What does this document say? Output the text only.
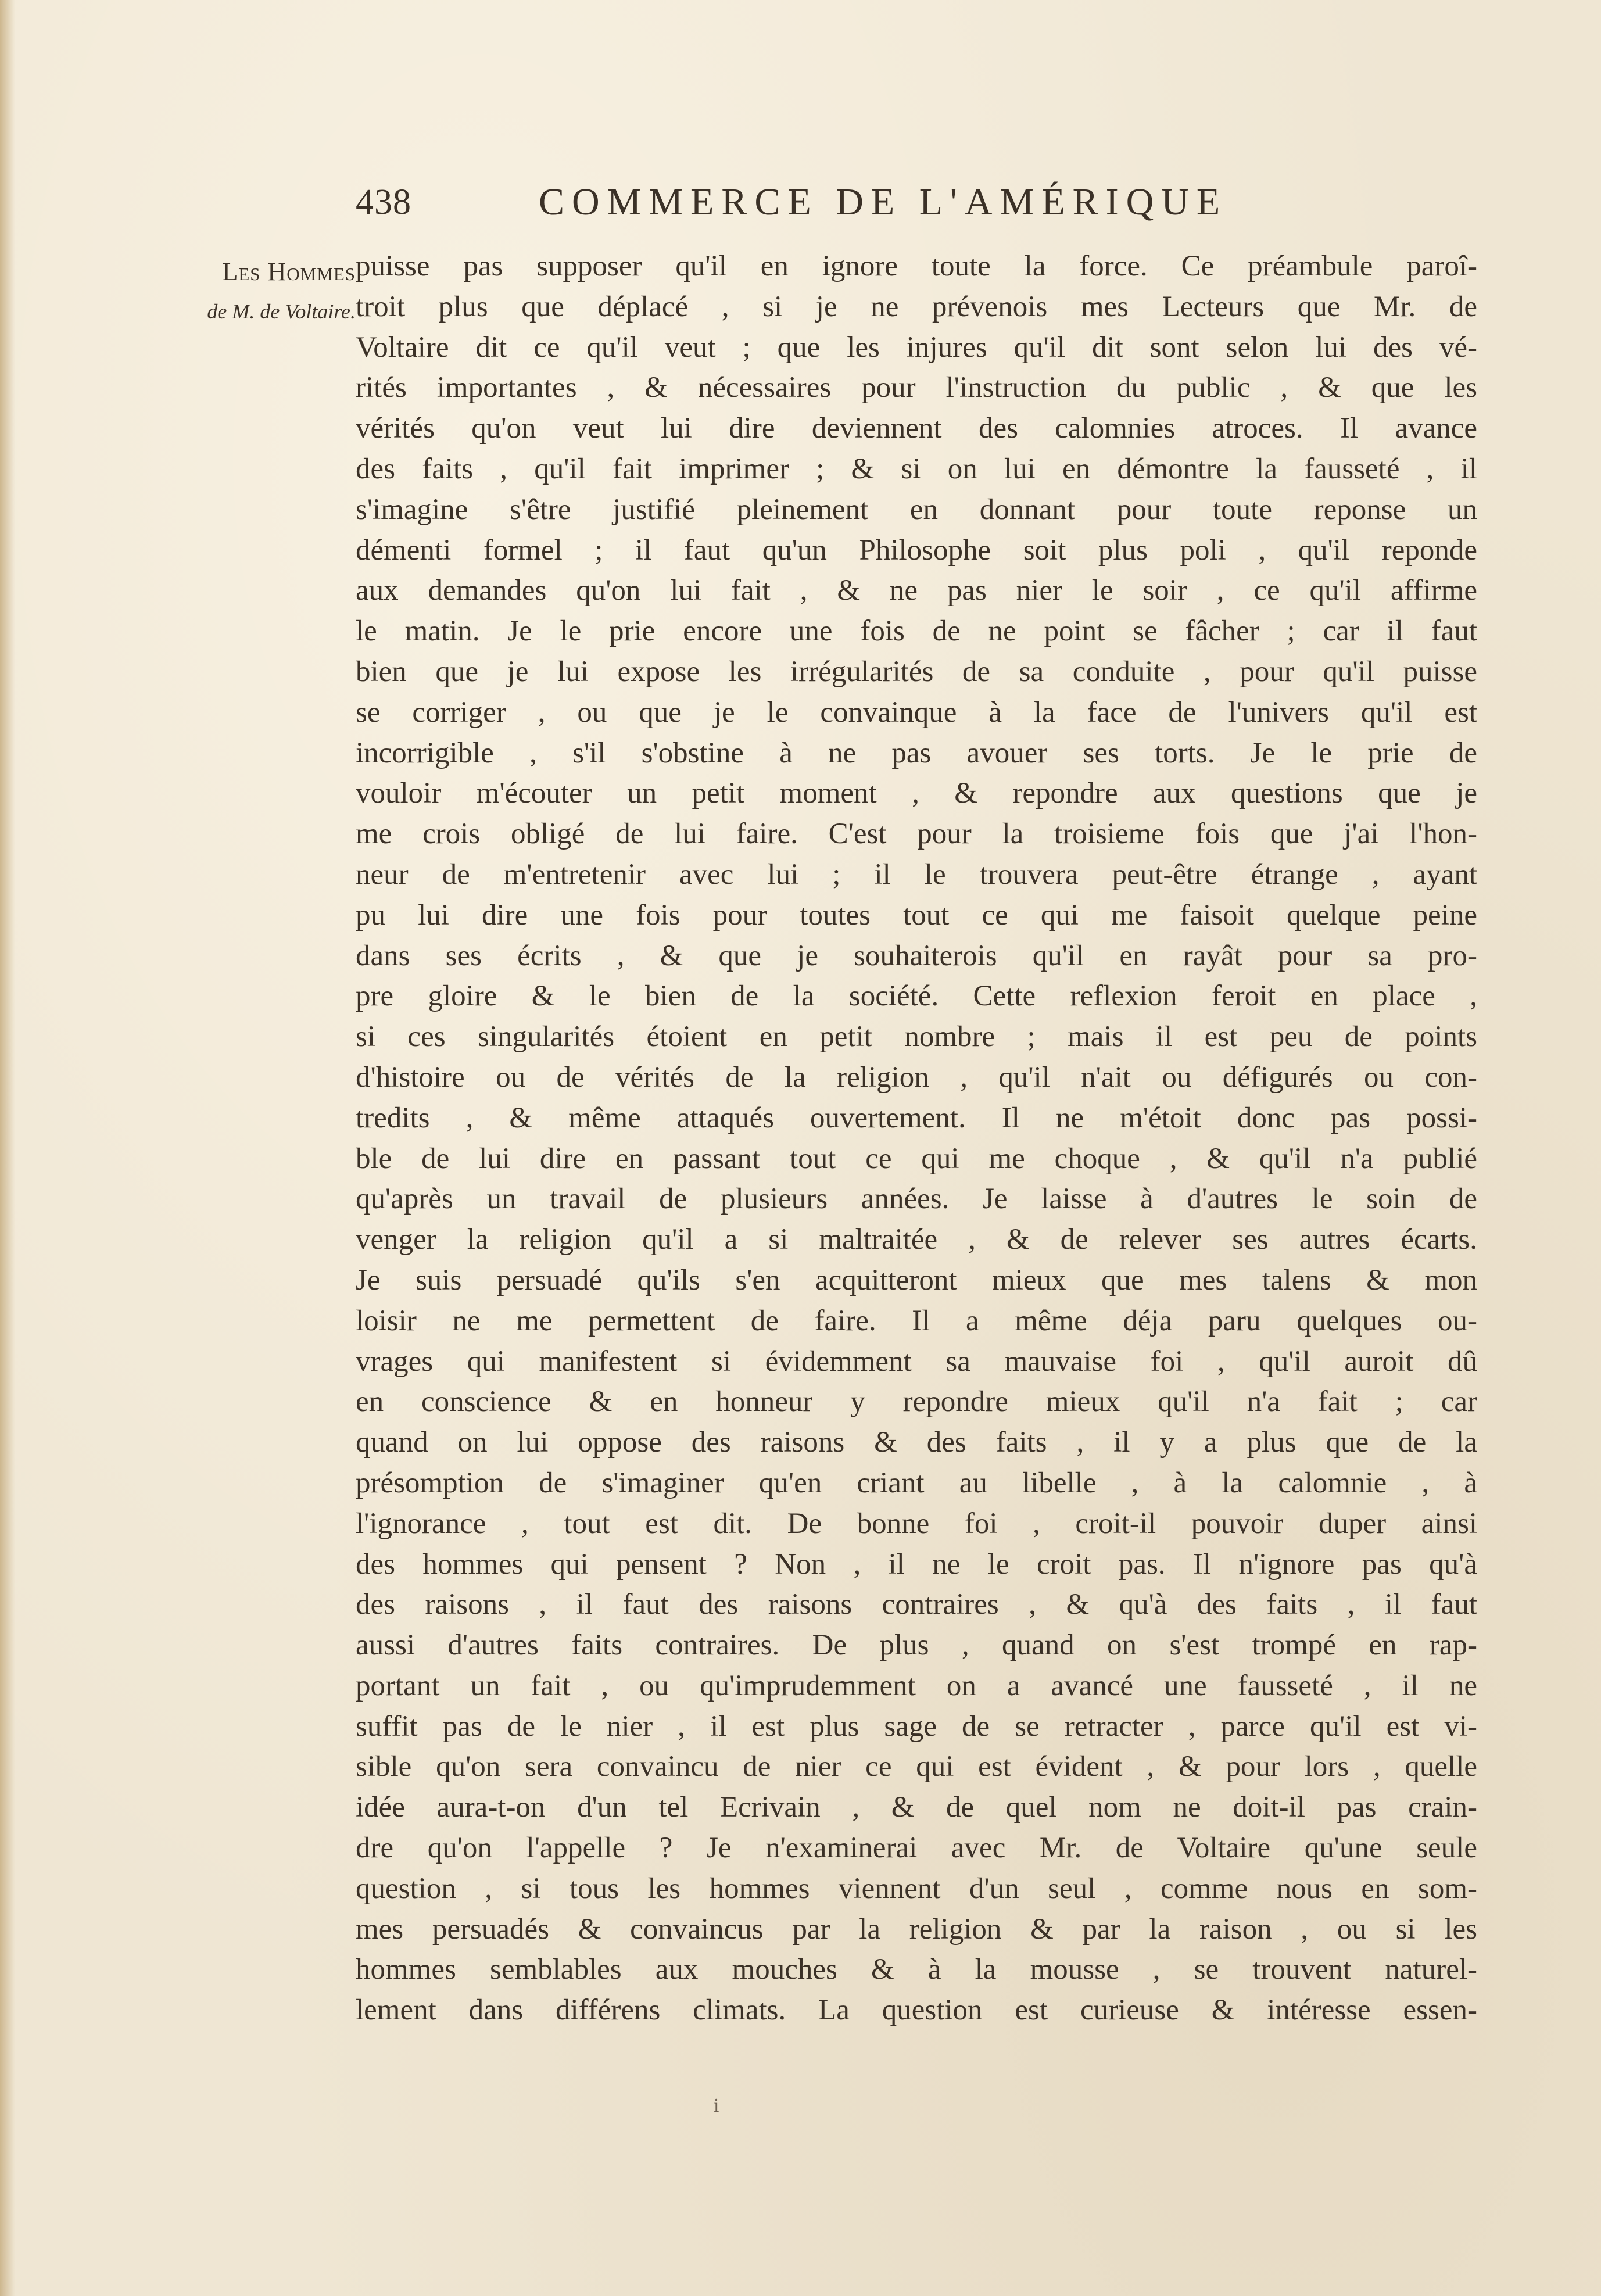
438	COMMERCE DE L'AMÉRIQUE
Les Hommes
de M. de Voltaire.
puisse pas supposer qu'il en ignore toute la force. Ce préambule paroî-
troit plus que déplacé , si je ne prévenois mes Lecteurs que Mr. de
Voltaire dit ce qu'il veut ; que les injures qu'il dit sont selon lui des vé-
rités importantes , & nécessaires pour l'instruction du public , & que les
vérités qu'on veut lui dire deviennent des calomnies atroces. Il avance
des faits , qu'il fait imprimer ; & si on lui en démontre la fausseté , il
s'imagine s'être justifié pleinement en donnant pour toute reponse un
démenti formel ; il faut qu'un Philosophe soit plus poli , qu'il reponde
aux demandes qu'on lui fait , & ne pas nier le soir , ce qu'il affirme
le matin. Je le prie encore une fois de ne point se fâcher ; car il faut
bien que je lui expose les irrégularités de sa conduite , pour qu'il puisse
se corriger , ou que je le convainque à la face de l'univers qu'il est
incorrigible , s'il s'obstine à ne pas avouer ses torts. Je le prie de
vouloir m'écouter un petit moment , & repondre aux questions que je
me crois obligé de lui faire. C'est pour la troisieme fois que j'ai l'hon-
neur de m'entretenir avec lui ; il le trouvera peut-être étrange , ayant
pu lui dire une fois pour toutes tout ce qui me faisoit quelque peine
dans ses écrits , & que je souhaiterois qu'il en rayât pour sa pro-
pre gloire & le bien de la société. Cette reflexion feroit en place ,
si ces singularités étoient en petit nombre ; mais il est peu de points
d'histoire ou de vérités de la religion , qu'il n'ait ou défigurés ou con-
tredits , & même attaqués ouvertement. Il ne m'étoit donc pas possi-
ble de lui dire en passant tout ce qui me choque , & qu'il n'a publié
qu'après un travail de plusieurs années. Je laisse à d'autres le soin de
venger la religion qu'il a si maltraitée , & de relever ses autres écarts.
Je suis persuadé qu'ils s'en acquitteront mieux que mes talens & mon
loisir ne me permettent de faire. Il a même déja paru quelques ou-
vrages qui manifestent si évidemment sa mauvaise foi , qu'il auroit dû
en conscience & en honneur y repondre mieux qu'il n'a fait ; car
quand on lui oppose des raisons & des faits , il y a plus que de la
présomption de s'imaginer qu'en criant au libelle , à la calomnie , à
l'ignorance , tout est dit. De bonne foi , croit-il pouvoir duper ainsi
des hommes qui pensent ? Non , il ne le croit pas. Il n'ignore pas qu'à
des raisons , il faut des raisons contraires , & qu'à des faits , il faut
aussi d'autres faits contraires. De plus , quand on s'est trompé en rap-
portant un fait , ou qu'imprudemment on a avancé une fausseté , il ne
suffit pas de le nier , il est plus sage de se retracter , parce qu'il est vi-
sible qu'on sera convaincu de nier ce qui est évident , & pour lors , quelle
idée aura-t-on d'un tel Ecrivain , & de quel nom ne doit-il pas crain-
dre qu'on l'appelle ? Je n'examinerai avec Mr. de Voltaire qu'une seule
question , si tous les hommes viennent d'un seul , comme nous en som-
mes persuadés & convaincus par la religion & par la raison , ou si les
hommes semblables aux mouches & à la mousse , se trouvent naturel-
lement dans différens climats. La question est curieuse & intéresse essen-
i
